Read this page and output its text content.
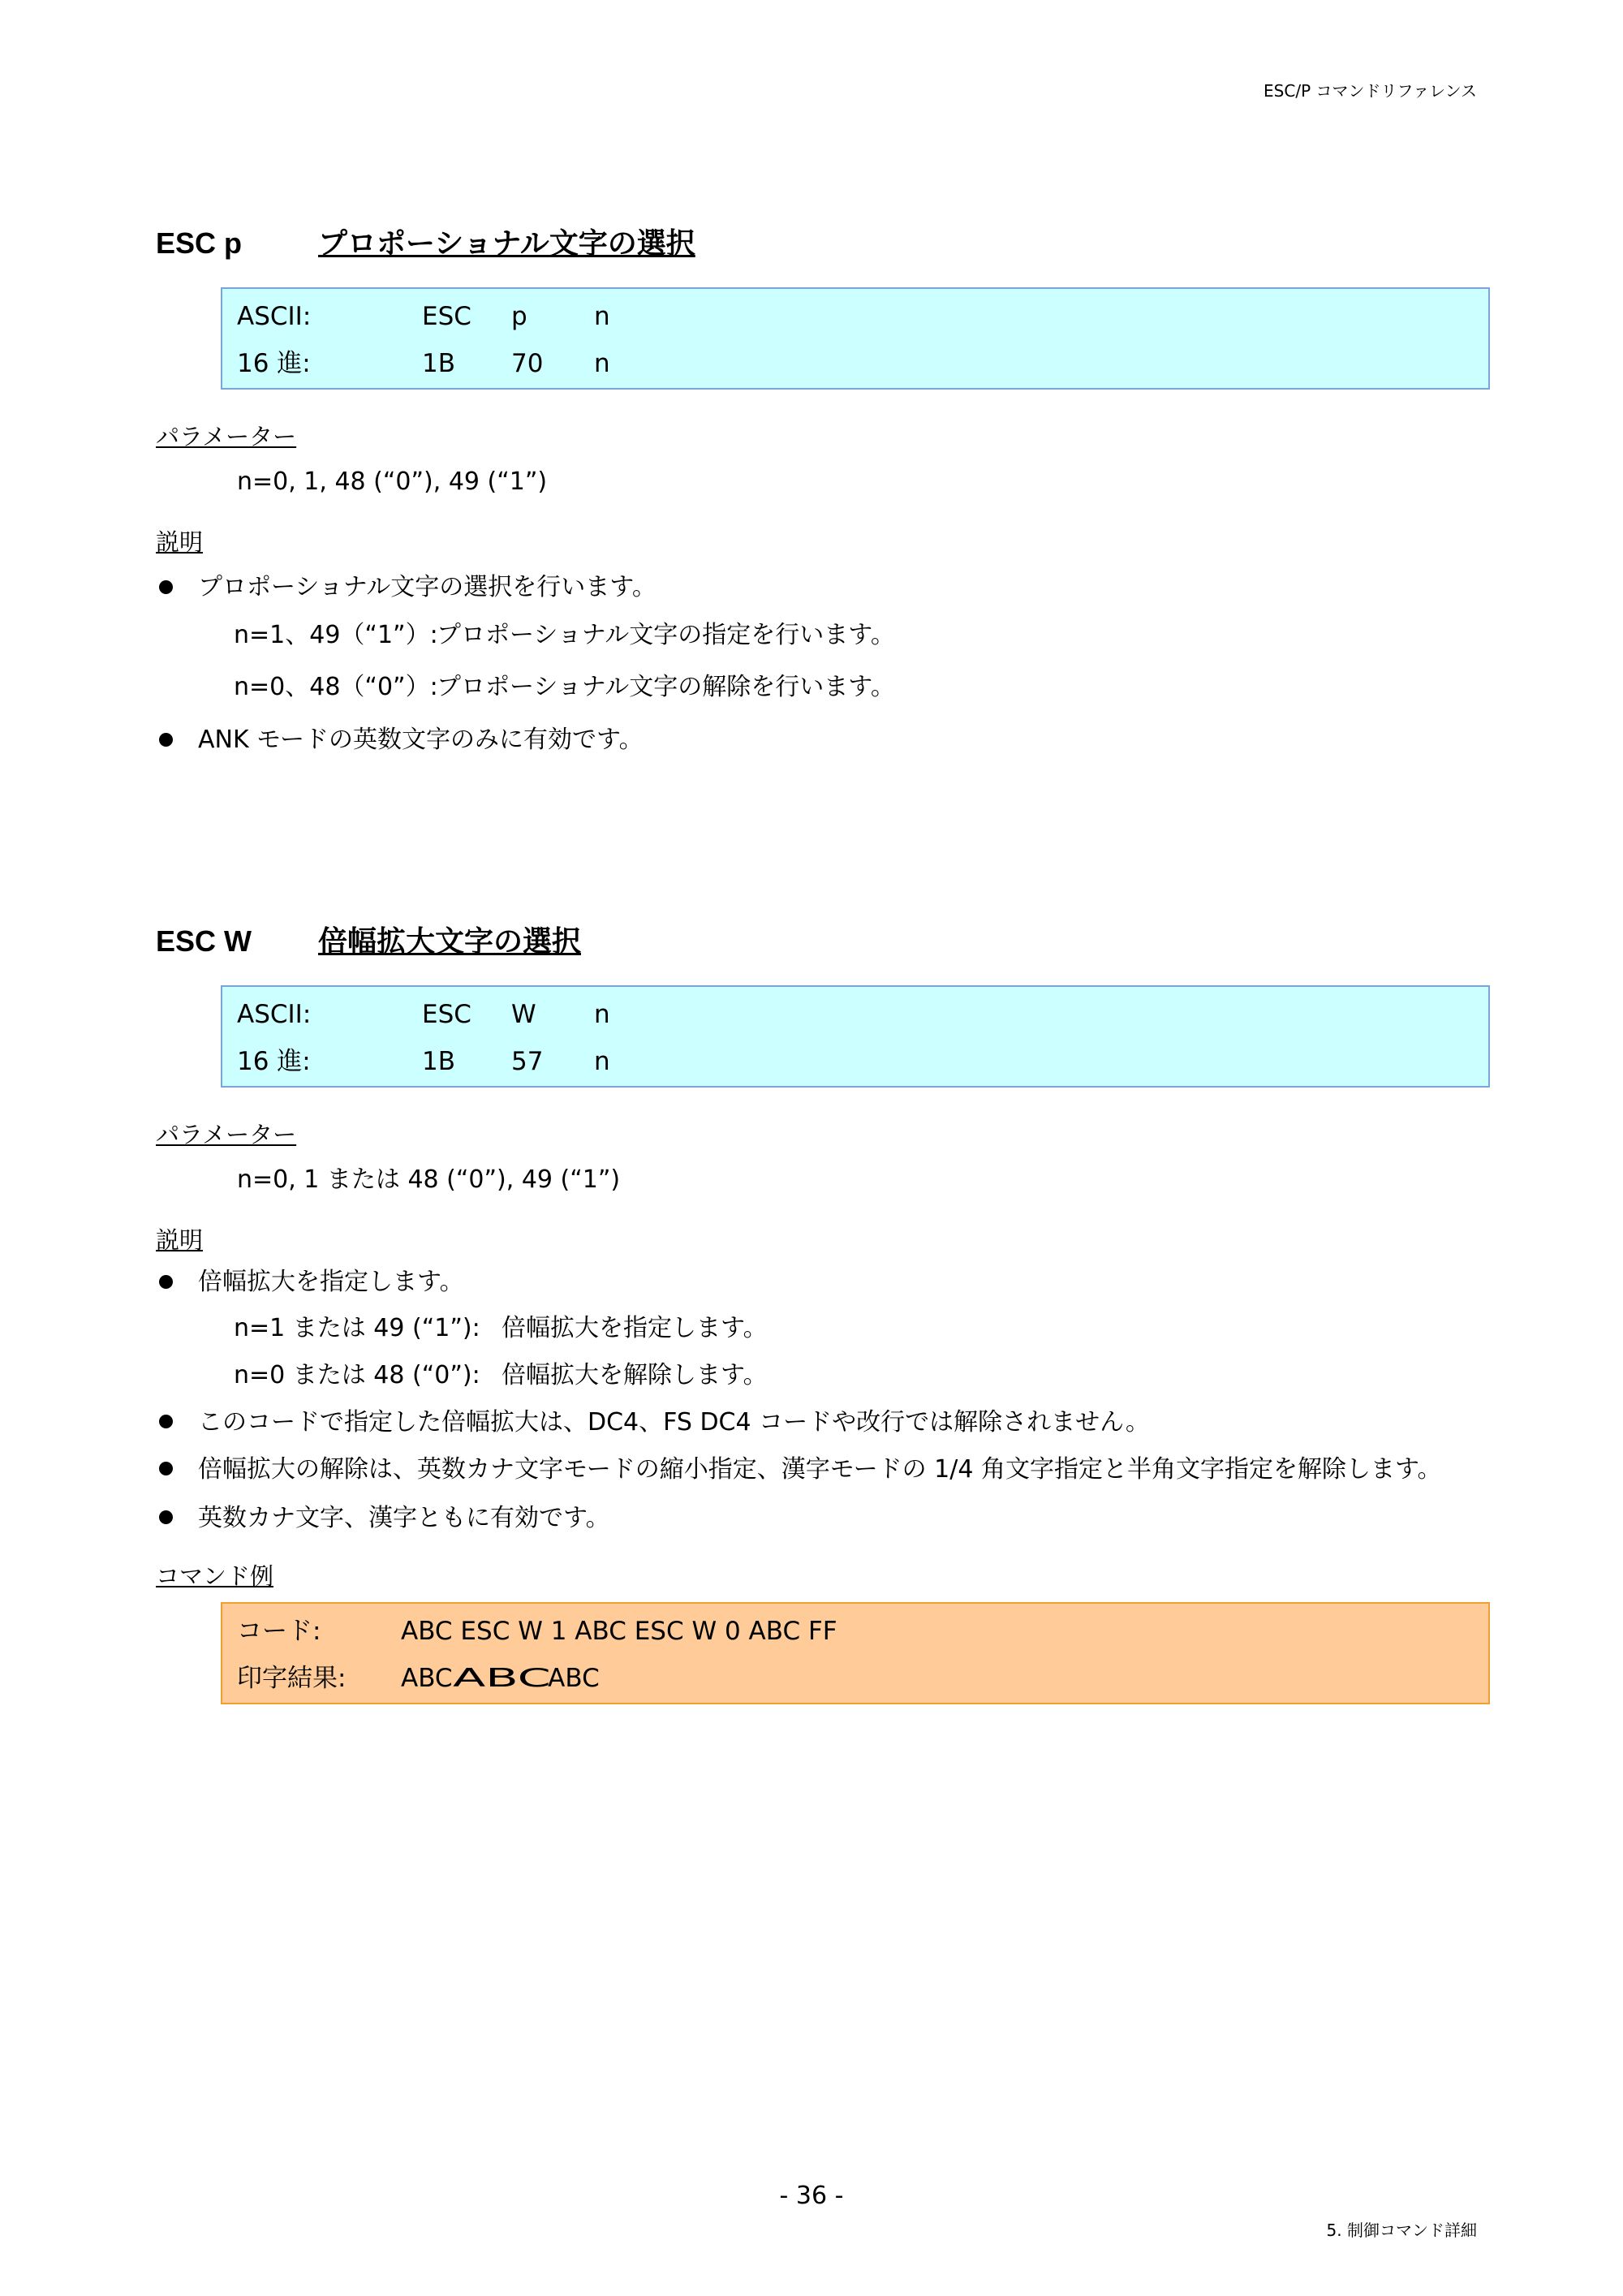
ESC/P コマンドリファレンス
ESC p	プロポーショナル文字の選択
ASCII:	ESC p	n
16 進:	1B 70 n
パラメーター
n=0, 1, 48 (“0”), 49 (“1”)
説明
プロポーショナル文字の選択を行います。
n=1、49（“1”）:プロポーショナル文字の指定を行います。
n=0、48（“0”）:プロポーショナル文字の解除を行います。
ANK モードの英数文字のみに有効です。
ESC W 倍幅拡大文字の選択
ASCII:	ESC W n
16 進:	1B 57 n
パラメーター
n=0, 1 または 48 (“0”), 49 (“1”)
説明
倍幅拡大を指定します。
n=1 または 49 (“1”): 倍幅拡大を指定します。
n=0 または 48 (“0”): 倍幅拡大を解除します。
このコードで指定した倍幅拡大は、DC4、FS DC4 コードや改行では解除されません。
倍幅拡大の解除は、英数カナ文字モードの縮小指定、漢字モードの 1/4 角文字指定と半角文字指定を解除します。
英数カナ文字、漢字ともに有効です。
コマンド例
コード:	ABC ESC W 1 ABC ESC W 0 ABC FF
印字結果: ABCABCABC
- 36 -
5. 制御コマンド詳細
